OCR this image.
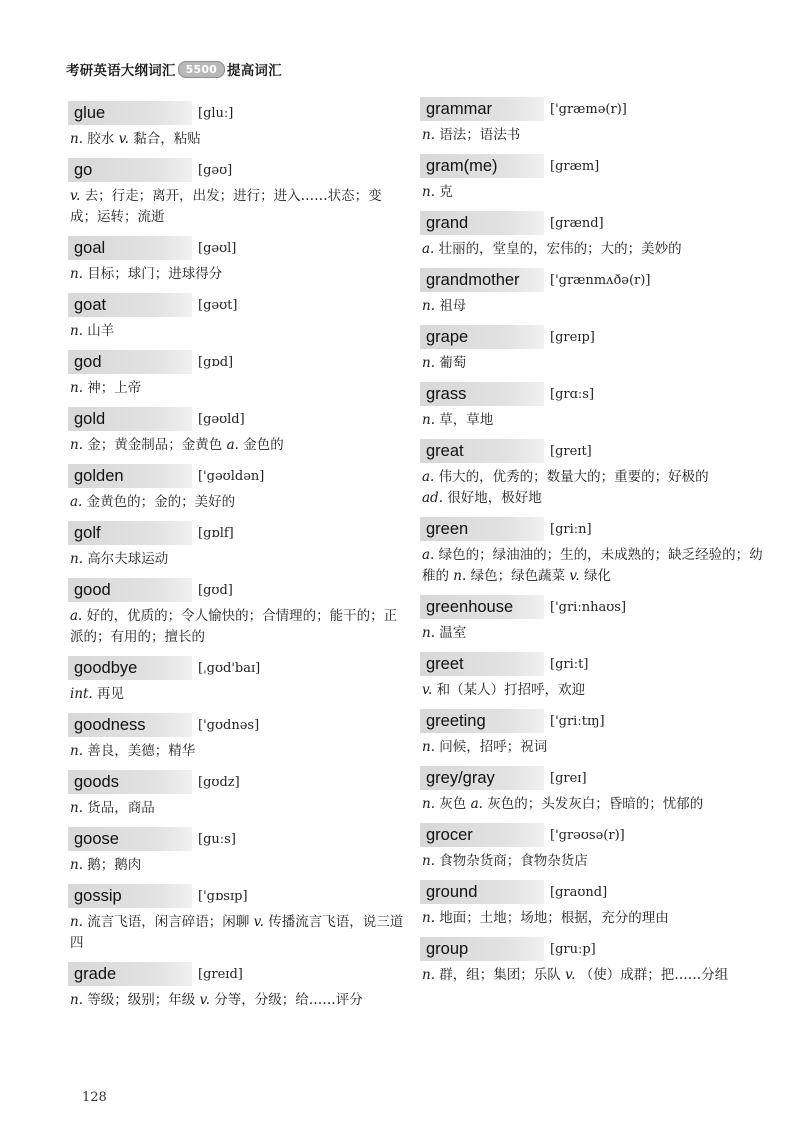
考研英语大纲词汇 5500 提高词汇
glue	[gluː]
n. 胶水 v. 黏合，粘贴
go	[gəʊ]
v. 去；行走；离开，出发；进行；进入……状态；变成；运转；流逝
goal	[gəʊl]
n. 目标；球门；进球得分
goat	[gəʊt]
n. 山羊
god	[gɒd]
n. 神；上帝
gold	[gəʊld]
n. 金；黄金制品；金黄色 a. 金色的
golden	['gəʊldən]
a. 金黄色的；金的；美好的
golf	[gɒlf]
n. 高尔夫球运动
good	[gʊd]
a. 好的，优质的；令人愉快的；合情理的；能干的；正派的；有用的；擅长的
goodbye	[ˌgʊd'baɪ]
int. 再见
goodness	['gʊdnəs]
n. 善良，美德；精华
goods	[gʊdz]
n. 货品，商品
goose	[guːs]
n. 鹅；鹅肉
gossip	['gɒsɪp]
n. 流言飞语，闲言碎语；闲聊 v. 传播流言飞语，说三道四
grade	[greɪd]
n. 等级；级别；年级 v. 分等，分级；给……评分
grammar	['græmə(r)]
n. 语法；语法书
gram(me)	[græm]
n. 克
grand	[grænd]
a. 壮丽的，堂皇的，宏伟的；大的；美妙的
grandmother	['grænmʌðə(r)]
n. 祖母
grape	[greɪp]
n. 葡萄
grass	[grɑːs]
n. 草，草地
great	[greɪt]
a. 伟大的，优秀的；数量大的；重要的；好极的
ad. 很好地，极好地
green	[griːn]
a. 绿色的；绿油油的；生的，未成熟的；缺乏经验的；幼稚的 n. 绿色；绿色蔬菜 v. 绿化
greenhouse	['griːnhaʊs]
n. 温室
greet	[griːt]
v. 和（某人）打招呼，欢迎
greeting	['griːtɪŋ]
n. 问候，招呼；祝词
grey/gray	[greɪ]
n. 灰色 a. 灰色的；头发灰白；昏暗的；忧郁的
grocer	['grəʊsə(r)]
n. 食物杂货商；食物杂货店
ground	[graʊnd]
n. 地面；土地；场地；根据，充分的理由
group	[gruːp]
n. 群，组；集团；乐队 v. （使）成群；把……分组
128
